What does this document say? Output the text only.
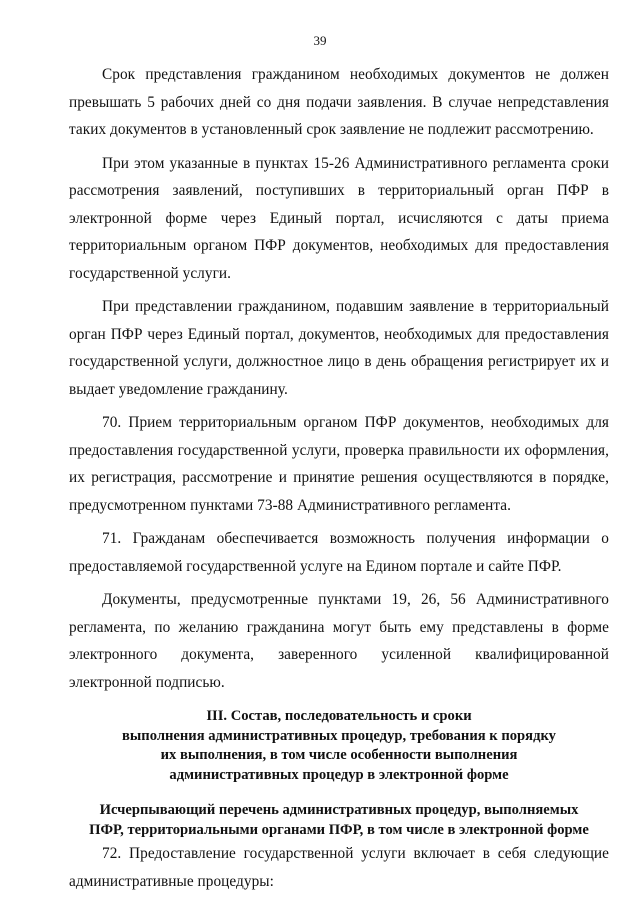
39

Срок представления гражданином необходимых документов не должен превышать 5 рабочих дней со дня подачи заявления. В случае непредставления таких документов в установленный срок заявление не подлежит рассмотрению.

При этом указанные в пунктах 15-26 Административного регламента сроки рассмотрения заявлений, поступивших в территориальный орган ПФР в электронной форме через Единый портал, исчисляются с даты приема территориальным органом ПФР документов, необходимых для предоставления государственной услуги.

При представлении гражданином, подавшим заявление в территориальный орган ПФР через Единый портал, документов, необходимых для предоставления государственной услуги, должностное лицо в день обращения регистрирует их и выдает уведомление гражданину.

70. Прием территориальным органом ПФР документов, необходимых для предоставления государственной услуги, проверка правильности их оформления, их регистрация, рассмотрение и принятие решения осуществляются в порядке, предусмотренном пунктами 73-88 Административного регламента.

71. Гражданам обеспечивается возможность получения информации о предоставляемой государственной услуге на Едином портале и сайте ПФР.

Документы, предусмотренные пунктами 19, 26, 56 Административного регламента, по желанию гражданина могут быть ему представлены в форме электронного документа, заверенного усиленной квалифицированной электронной подписью.

III. Состав, последовательность и сроки
выполнения административных процедур, требования к порядку
их выполнения, в том числе особенности выполнения
административных процедур в электронной форме
Исчерпывающий перечень административных процедур, выполняемых
ПФР, территориальными органами ПФР, в том числе в электронной форме

72. Предоставление государственной услуги включает в себя следующие административные процедуры:
